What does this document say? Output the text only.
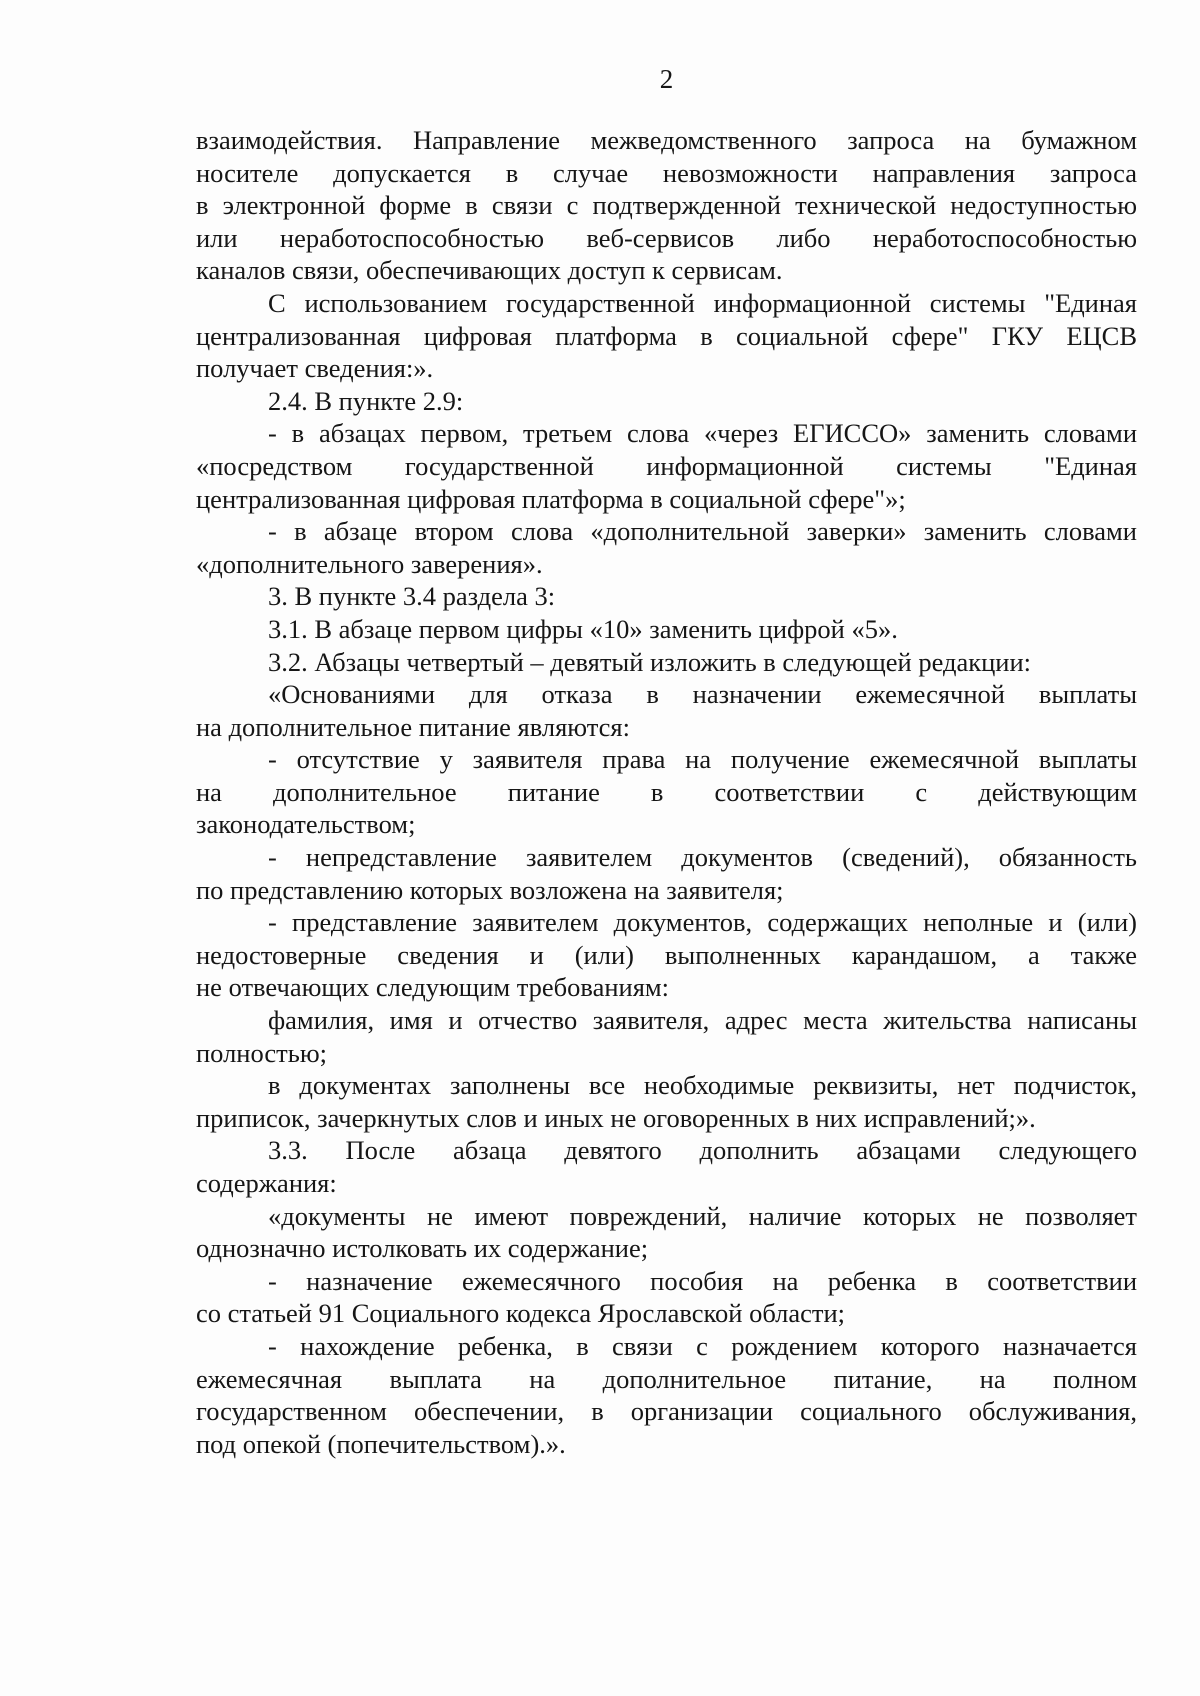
2
взаимодействия. Направление межведомственного запроса на бумажном
носителе допускается в случае невозможности направления запроса
в электронной форме в связи с подтвержденной технической недоступностью
или неработоспособностью веб-сервисов либо неработоспособностью
каналов связи, обеспечивающих доступ к сервисам.
С использованием государственной информационной системы "Единая
централизованная цифровая платформа в социальной сфере" ГКУ ЕЦСВ
получает сведения:».
2.4. В пункте 2.9:
- в абзацах первом, третьем слова «через ЕГИССО» заменить словами
«посредством государственной информационной системы "Единая
централизованная цифровая платформа в социальной сфере"»;
- в абзаце втором слова «дополнительной заверки» заменить словами
«дополнительного заверения».
3. В пункте 3.4 раздела 3:
3.1. В абзаце первом цифры «10» заменить цифрой «5».
3.2. Абзацы четвертый – девятый изложить в следующей редакции:
«Основаниями для отказа в назначении ежемесячной выплаты
на дополнительное питание являются:
- отсутствие у заявителя права на получение ежемесячной выплаты
на дополнительное питание в соответствии с действующим
законодательством;
- непредставление заявителем документов (сведений), обязанность
по представлению которых возложена на заявителя;
- представление заявителем документов, содержащих неполные и (или)
недостоверные сведения и (или) выполненных карандашом, а также
не отвечающих следующим требованиям:
фамилия, имя и отчество заявителя, адрес места жительства написаны
полностью;
в документах заполнены все необходимые реквизиты, нет подчисток,
приписок, зачеркнутых слов и иных не оговоренных в них исправлений;».
3.3. После абзаца девятого дополнить абзацами следующего
содержания:
«документы не имеют повреждений, наличие которых не позволяет
однозначно истолковать их содержание;
- назначение ежемесячного пособия на ребенка в соответствии
со статьей 91 Социального кодекса Ярославской области;
- нахождение ребенка, в связи с рождением которого назначается
ежемесячная выплата на дополнительное питание, на полном
государственном обеспечении, в организации социального обслуживания,
под опекой (попечительством).».
